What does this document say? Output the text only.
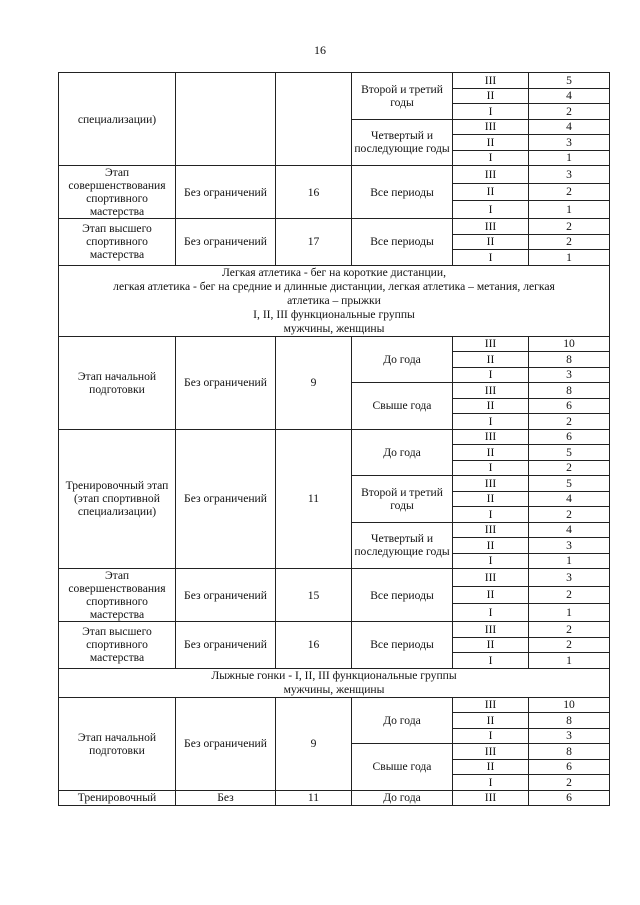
16
специализации)			Второй и третий годы	III	5
				II	4
				I	2
			Четвертый и последующие годы	III	4
				II	3
				I	1
Этап совершенствования спортивного мастерства	Без ограничений	16	Все периоды	III	3
				II	2
				I	1
Этап высшего спортивного мастерства	Без ограничений	17	Все периоды	III	2
				II	2
				I	1

Легкая атлетика - бег на короткие дистанции,
легкая атлетика - бег на средние и длинные дистанции, легкая атлетика – метания, легкая
атлетика – прыжки
I, II, III функциональные группы
мужчины, женщины					

Этап начальной подготовки	Без ограничений	9	До года	III	10
				II	8
				I	3
			Свыше года	III	8
				II	6
				I	2
Тренировочный этап (этап спортивной специализации)	Без ограничений	11	До года	III	6
				II	5
				I	2
			Второй и третий годы	III	5
				II	4
				I	2
			Четвертый и последующие годы	III	4
				II	3
				I	1
Этап совершенствования спортивного мастерства	Без ограничений	15	Все периоды	III	3
				II	2
				I	1
Этап высшего спортивного мастерства	Без ограничений	16	Все периоды	III	2
				II	2
				I	1

Лыжные гонки - I, II, III функциональные группы
мужчины, женщины					

Этап начальной подготовки	Без ограничений	9	До года	III	10
				II	8
				I	3
			Свыше года	III	8
				II	6
				I	2
Тренировочный	Без	11	До года	III	6
